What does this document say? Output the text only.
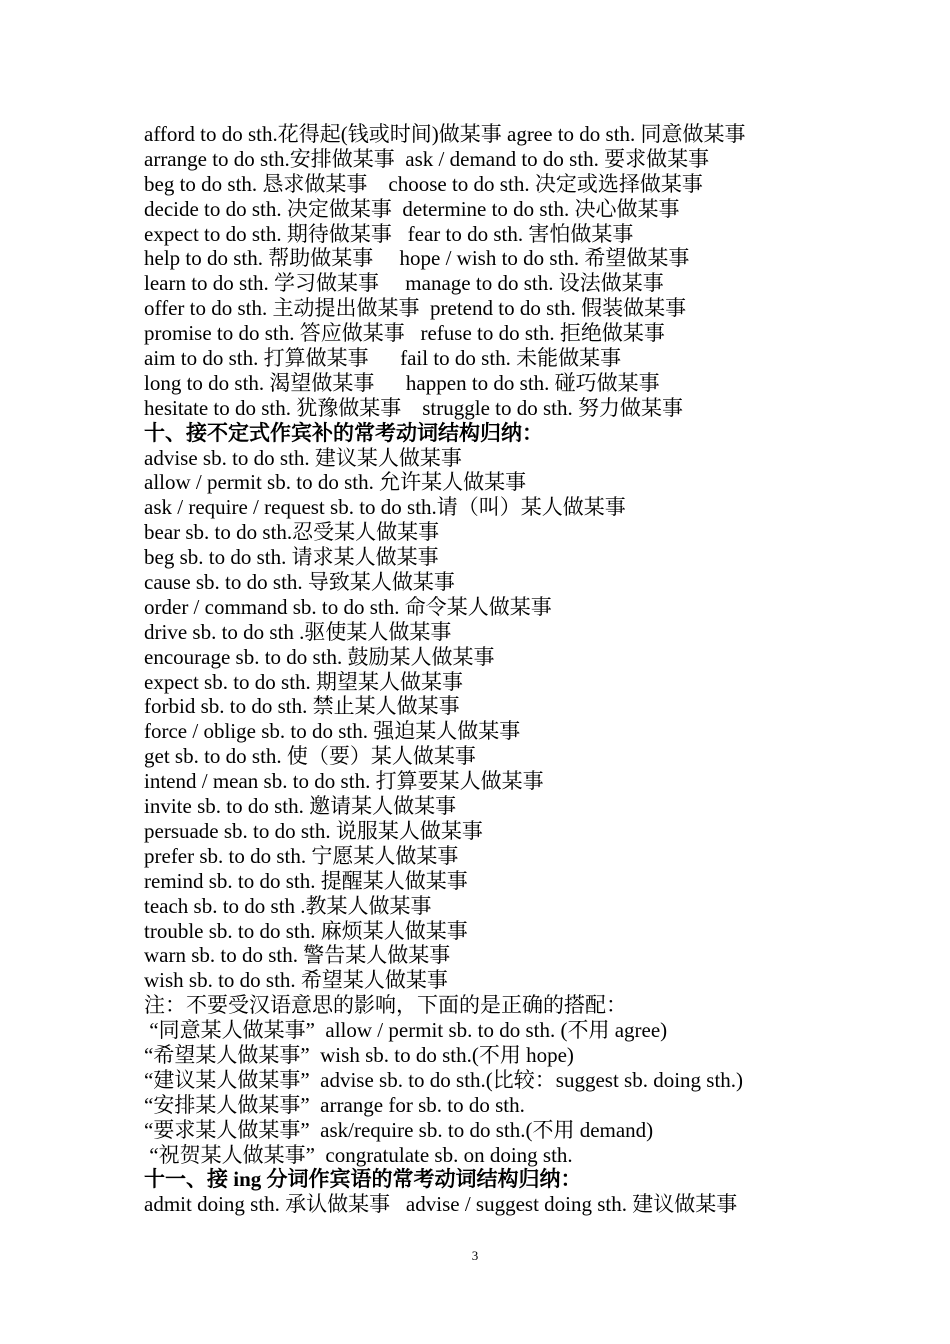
afford to do sth.花得起(钱或时间)做某事 agree to do sth. 同意做某事
arrange to do sth.安排做某事  ask / demand to do sth. 要求做某事
beg to do sth. 恳求做某事    choose to do sth. 决定或选择做某事
decide to do sth. 决定做某事  determine to do sth. 决心做某事
expect to do sth. 期待做某事   fear to do sth. 害怕做某事
help to do sth. 帮助做某事     hope / wish to do sth. 希望做某事
learn to do sth. 学习做某事     manage to do sth. 设法做某事
offer to do sth. 主动提出做某事  pretend to do sth. 假装做某事
promise to do sth. 答应做某事   refuse to do sth. 拒绝做某事
aim to do sth. 打算做某事      fail to do sth. 未能做某事
long to do sth. 渴望做某事      happen to do sth. 碰巧做某事
hesitate to do sth. 犹豫做某事    struggle to do sth. 努力做某事
十、接不定式作宾补的常考动词结构归纳：
advise sb. to do sth. 建议某人做某事
allow / permit sb. to do sth. 允许某人做某事
ask / require / request sb. to do sth.请（叫）某人做某事
bear sb. to do sth.忍受某人做某事
beg sb. to do sth. 请求某人做某事
cause sb. to do sth. 导致某人做某事
order / command sb. to do sth. 命令某人做某事
drive sb. to do sth .驱使某人做某事
encourage sb. to do sth. 鼓励某人做某事
expect sb. to do sth. 期望某人做某事
forbid sb. to do sth. 禁止某人做某事
force / oblige sb. to do sth. 强迫某人做某事
get sb. to do sth. 使（要）某人做某事
intend / mean sb. to do sth. 打算要某人做某事
invite sb. to do sth. 邀请某人做某事
persuade sb. to do sth. 说服某人做某事
prefer sb. to do sth. 宁愿某人做某事
remind sb. to do sth. 提醒某人做某事
teach sb. to do sth .教某人做某事
trouble sb. to do sth. 麻烦某人做某事
warn sb. to do sth. 警告某人做某事
wish sb. to do sth. 希望某人做某事
注：不要受汉语意思的影响，下面的是正确的搭配：
“同意某人做某事”  allow / permit sb. to do sth. (不用 agree)
“希望某人做某事”  wish sb. to do sth.(不用 hope)
“建议某人做某事”  advise sb. to do sth.(比较：suggest sb. doing sth.)
“安排某人做某事”  arrange for sb. to do sth.
“要求某人做某事”  ask/require sb. to do sth.(不用 demand)
“祝贺某人做某事”  congratulate sb. on doing sth.
十一、接 ing 分词作宾语的常考动词结构归纳：
admit doing sth. 承认做某事   advise / suggest doing sth. 建议做某事
3
